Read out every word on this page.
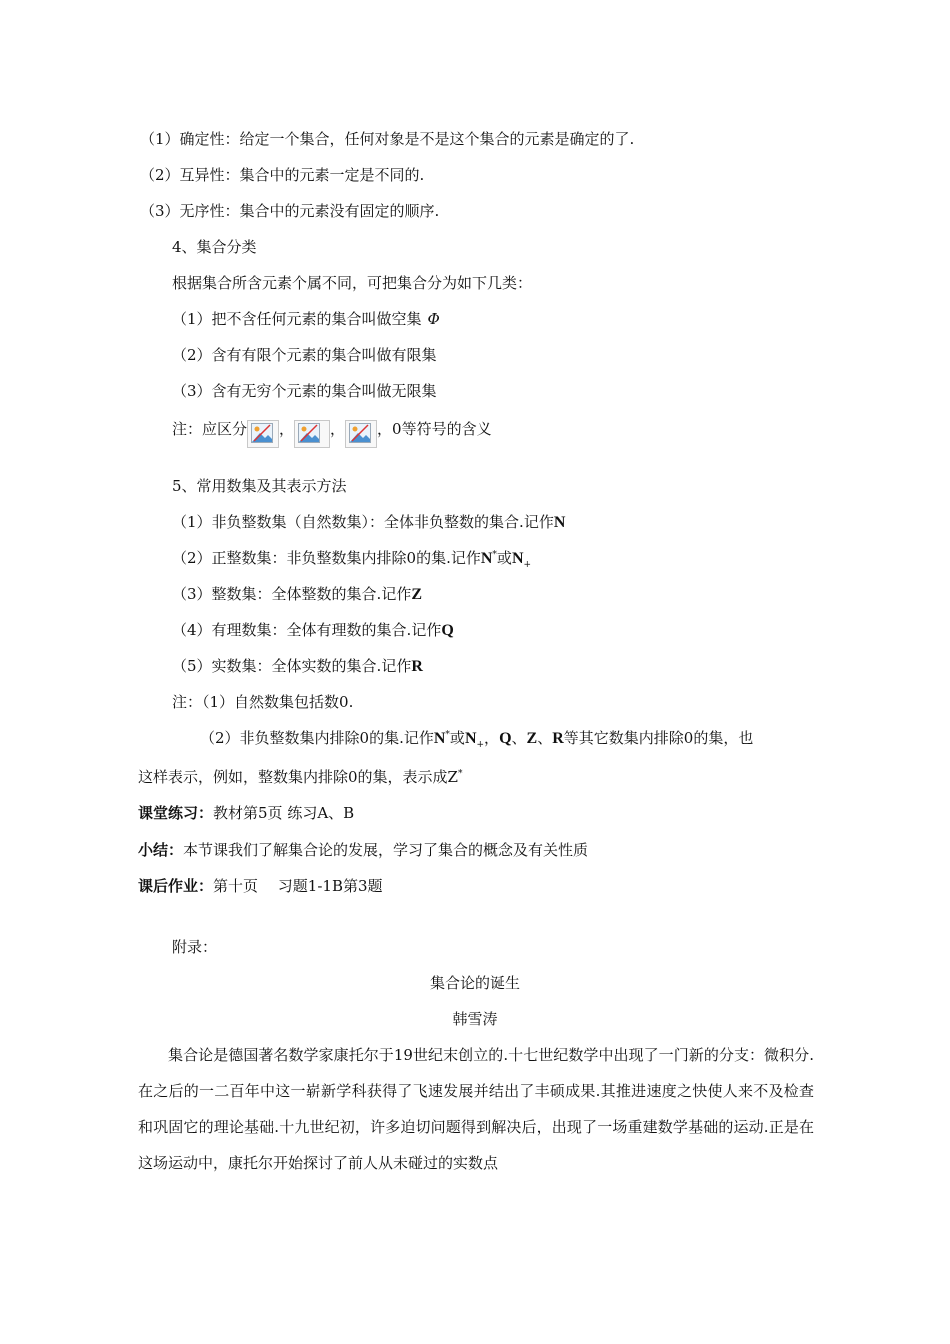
（1）确定性：给定一个集合，任何对象是不是这个集合的元素是确定的了.
（2）互异性：集合中的元素一定是不同的.
（3）无序性：集合中的元素没有固定的顺序.
4、集合分类
根据集合所含元素个属不同，可把集合分为如下几类：
（1）把不含任何元素的集合叫做空集 Φ
（2）含有有限个元素的集合叫做有限集
（3）含有无穷个元素的集合叫做无限集
注：应区分 ， ， ，0等符号的含义
5、常用数集及其表示方法
（1）非负整数集（自然数集）：全体非负整数的集合.记作N
（2）正整数集：非负整数集内排除0的集.记作N*或$N_+$
（3）整数集：全体整数的集合.记作Z
（4）有理数集：全体有理数的集合.记作Q
（5）实数集：全体实数的集合.记作R
注：（1）自然数集包括数0.
（2）非负整数集内排除0的集.记作N*或$N_+$，Q、Z、R等其它数集内排除0的集，也
这样表示，例如，整数集内排除0的集，表示成Z*
课堂练习：教材第5页 练习A、B
小结：本节课我们了解集合论的发展，学习了集合的概念及有关性质
课后作业：第十页　 习题1-1B第3题
附录：
集合论的诞生
韩雪涛
集合论是德国著名数学家康托尔于19世纪末创立的.十七世纪数学中出现了一门新的分支：微积分.在之后的一二百年中这一崭新学科获得了飞速发展并结出了丰硕成果.其推进速度之快使人来不及检查和巩固它的理论基础.十九世纪初，许多迫切问题得到解决后，出现了一场重建数学基础的运动.正是在这场运动中，康托尔开始探讨了前人从未碰过的实数点
